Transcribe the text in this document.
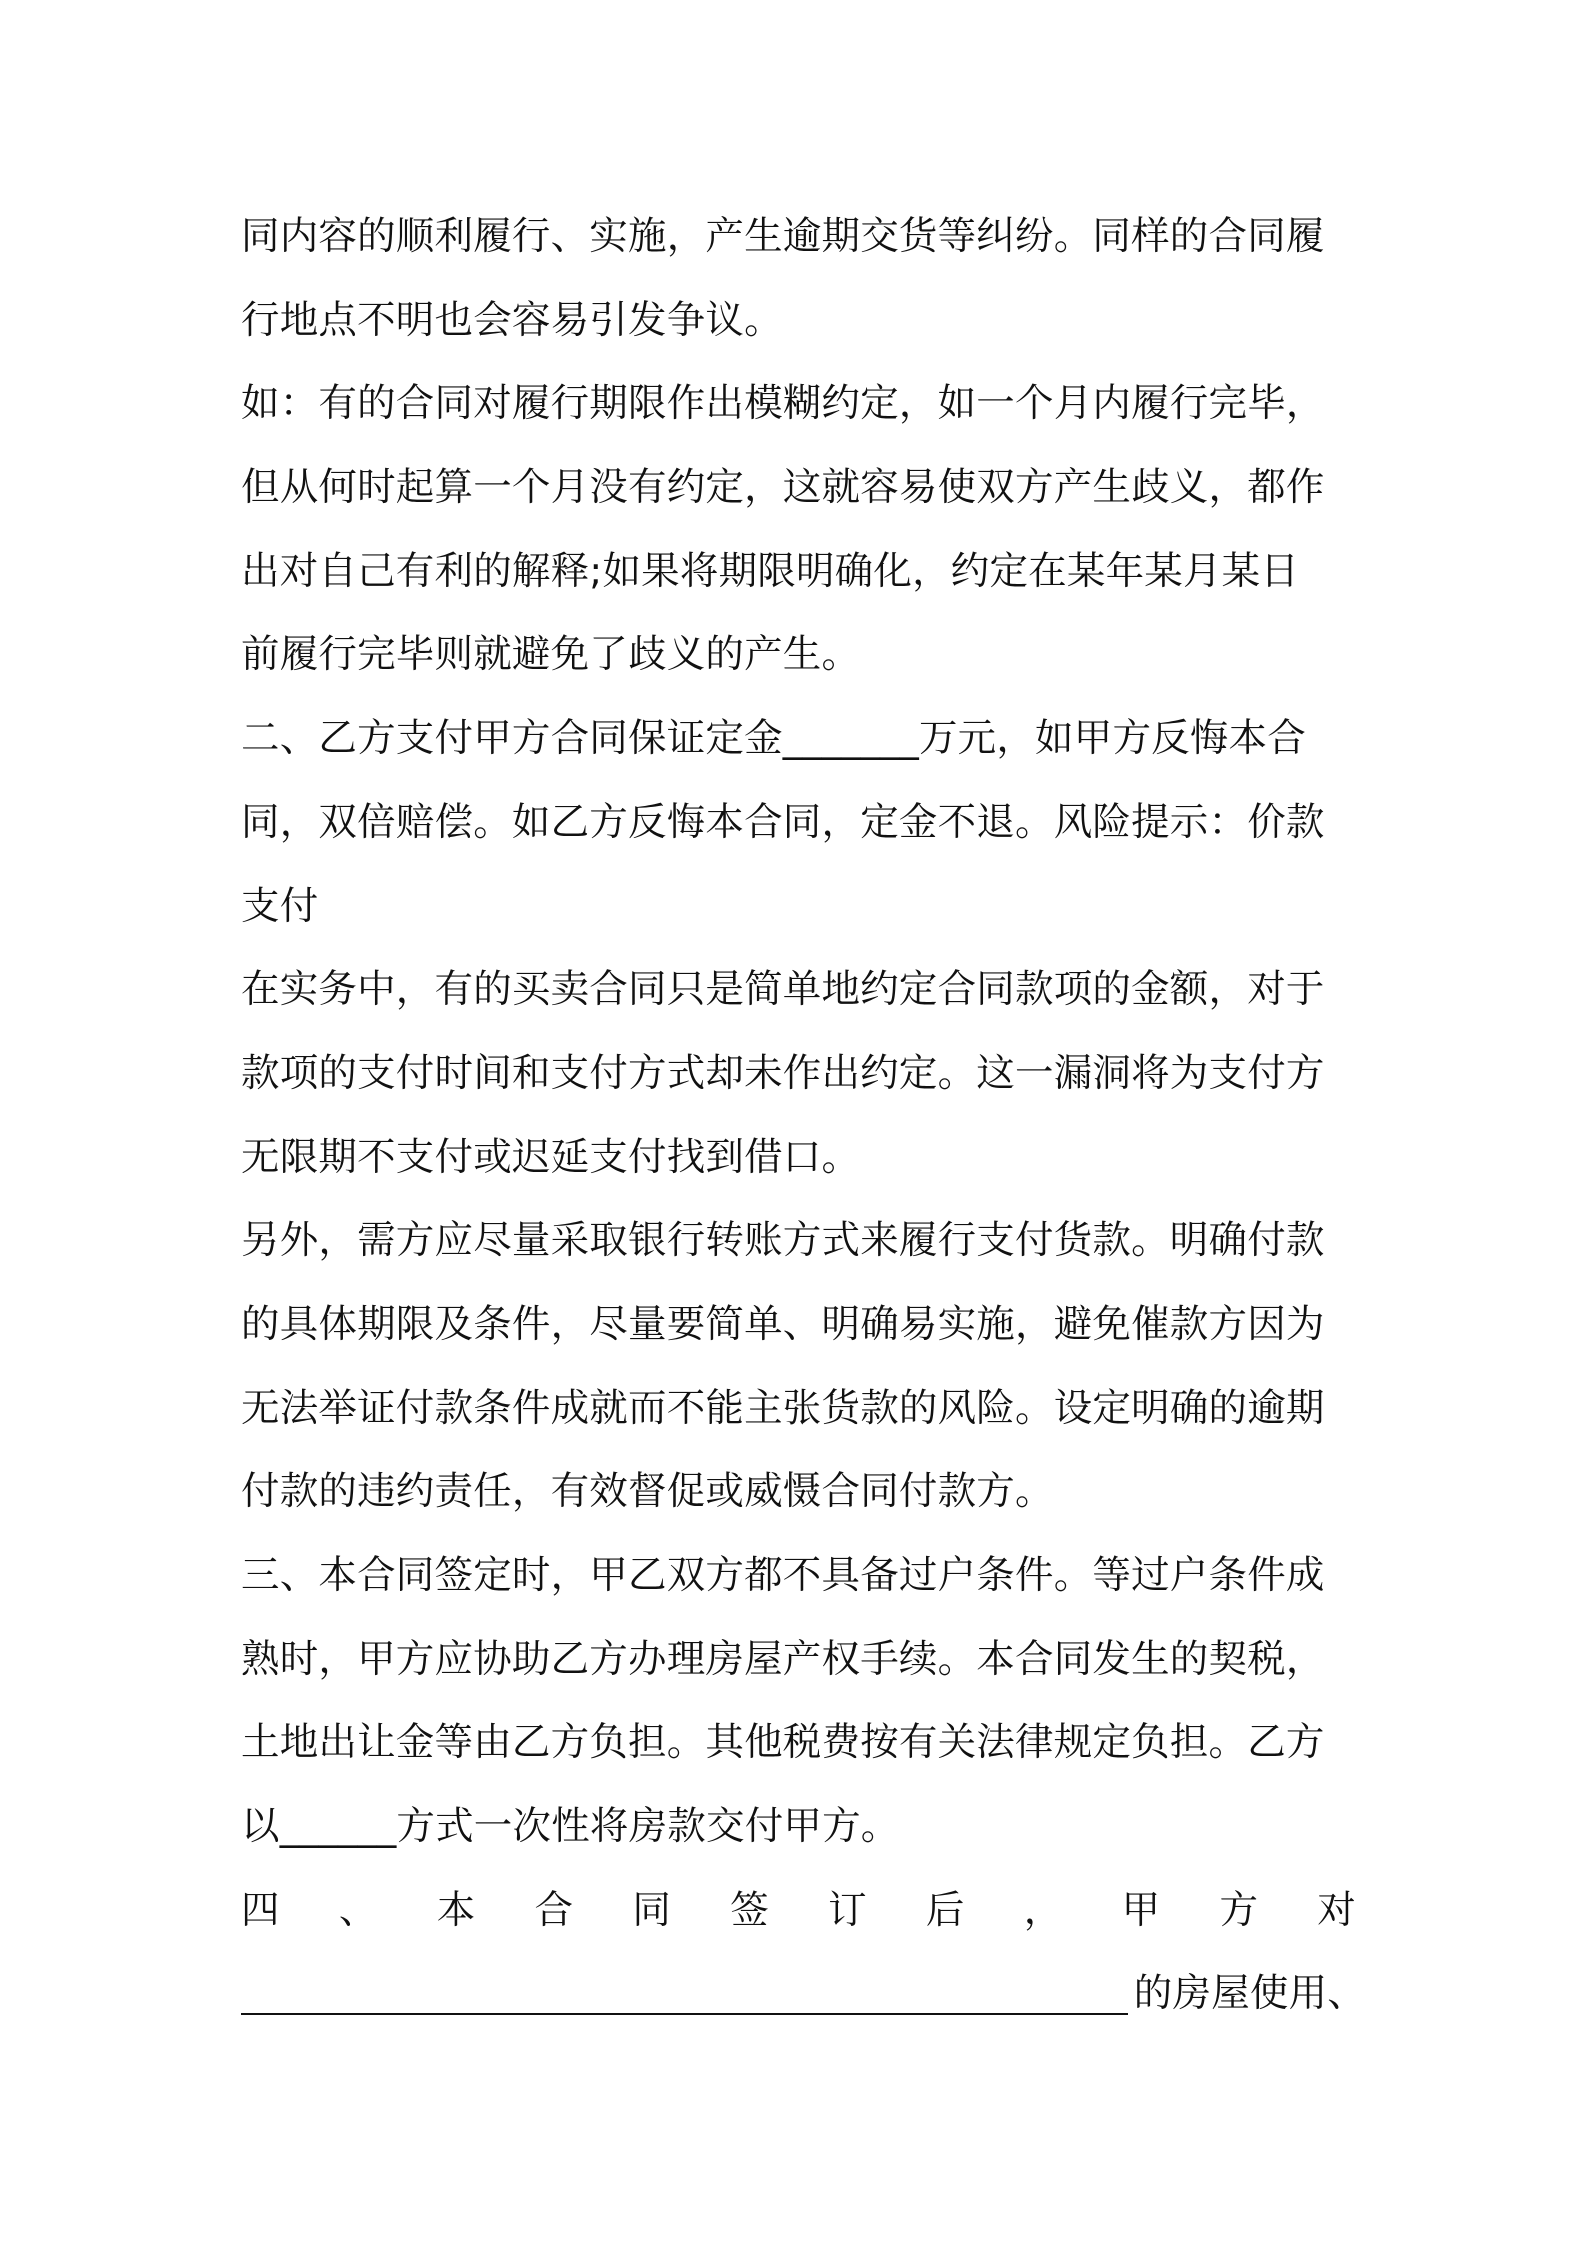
同内容的顺利履行、实施，产生逾期交货等纠纷。同样的合同履
行地点不明也会容易引发争议。
如：有的合同对履行期限作出模糊约定，如一个月内履行完毕，
但从何时起算一个月没有约定，这就容易使双方产生歧义，都作
出对自己有利的解释;如果将期限明确化，约定在某年某月某日
前履行完毕则就避免了歧义的产生。
二、乙方支付甲方合同保证定金_______万元，如甲方反悔本合
同，双倍赔偿。如乙方反悔本合同，定金不退。风险提示：价款
支付
在实务中，有的买卖合同只是简单地约定合同款项的金额，对于
款项的支付时间和支付方式却未作出约定。这一漏洞将为支付方
无限期不支付或迟延支付找到借口。
另外，需方应尽量采取银行转账方式来履行支付货款。明确付款
的具体期限及条件，尽量要简单、明确易实施，避免催款方因为
无法举证付款条件成就而不能主张货款的风险。设定明确的逾期
付款的违约责任，有效督促或威慑合同付款方。
三、本合同签定时，甲乙双方都不具备过户条件。等过户条件成
熟时，甲方应协助乙方办理房屋产权手续。本合同发生的契税，
土地出让金等由乙方负担。其他税费按有关法律规定负担。乙方
以______方式一次性将房款交付甲方。
四 、 本 合 同 签 订 后 ， 甲 方 对
的房屋使用、
